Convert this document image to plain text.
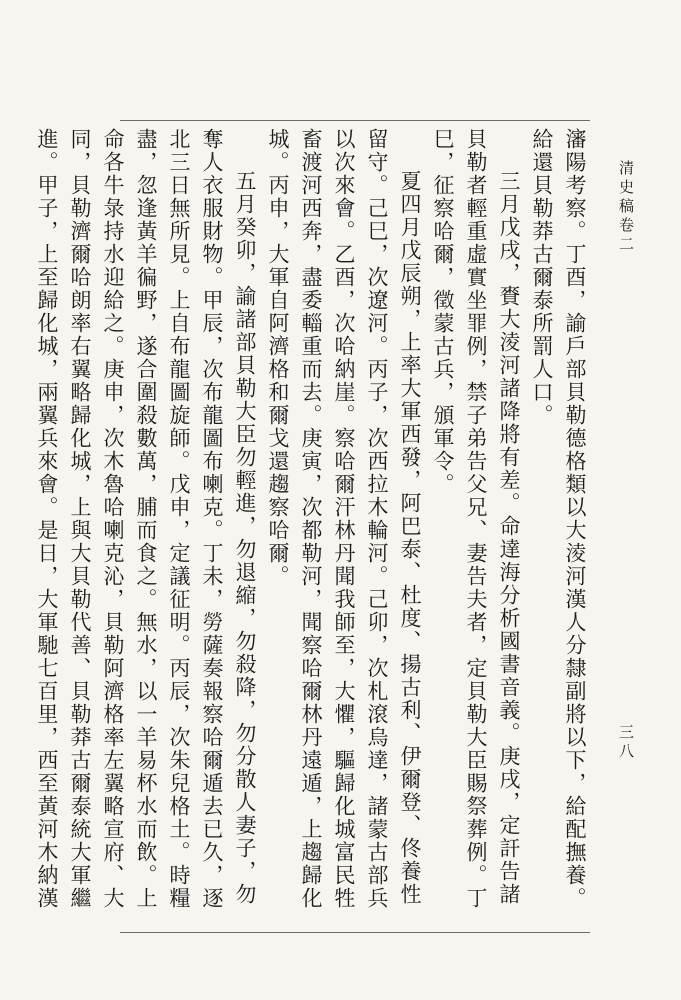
清史稿卷二
三八

瀋陽考察。丁酉，諭戶部貝勒德格類以大淩河漢人分隸副將以下，給配撫養。給還貝勒莽古爾泰所罰人口。

三月戊戌，賚大淩河諸降將有差。命達海分析國書音義。庚戌，定訐告諸貝勒者輕重虛實坐罪例，禁子弟告父兄、妻告夫者，定貝勒大臣賜祭葬例。丁巳，征察哈爾，徵蒙古兵，頒軍令。

夏四月戊辰朔，上率大軍西發，阿巴泰、杜度、揚古利、伊爾登、佟養性留守。己巳，次遼河。丙子，次西拉木輪河。己卯，次札滾烏達，諸蒙古部兵以次來會。乙酉，次哈納崖。察哈爾汗林丹聞我師至，大懼，驅歸化城富民牲畜渡河西奔，盡委輜重而去。庚寅，次都勒河，聞察哈爾林丹遠遁，上趨歸化城。丙申，大軍自阿濟格和爾戈還趨察哈爾。

五月癸卯，諭諸部貝勒大臣勿輕進，勿退縮，勿殺降，勿分散人妻子，勿奪人衣服財物。甲辰，次布龍圖布喇克。丁未，勞薩奏報察哈爾遁去已久，逐北三日無所見。上自布龍圖旋師。戊申，定議征明。丙辰，次朱兒格土。時糧盡，忽逢黃羊徧野，遂合圍殺數萬，脯而食之。無水，以一羊易杯水而飲。上命各牛彔持水迎給之。庚申，次木魯哈喇克沁，貝勒阿濟格率左翼略宣府、大同，貝勒濟爾哈朗率右翼略歸化城，上與大貝勒代善、貝勒莽古爾泰統大軍繼進。甲子，上至歸化城，兩翼兵來會。是日，大軍馳七百里，西至黃河木納漢
